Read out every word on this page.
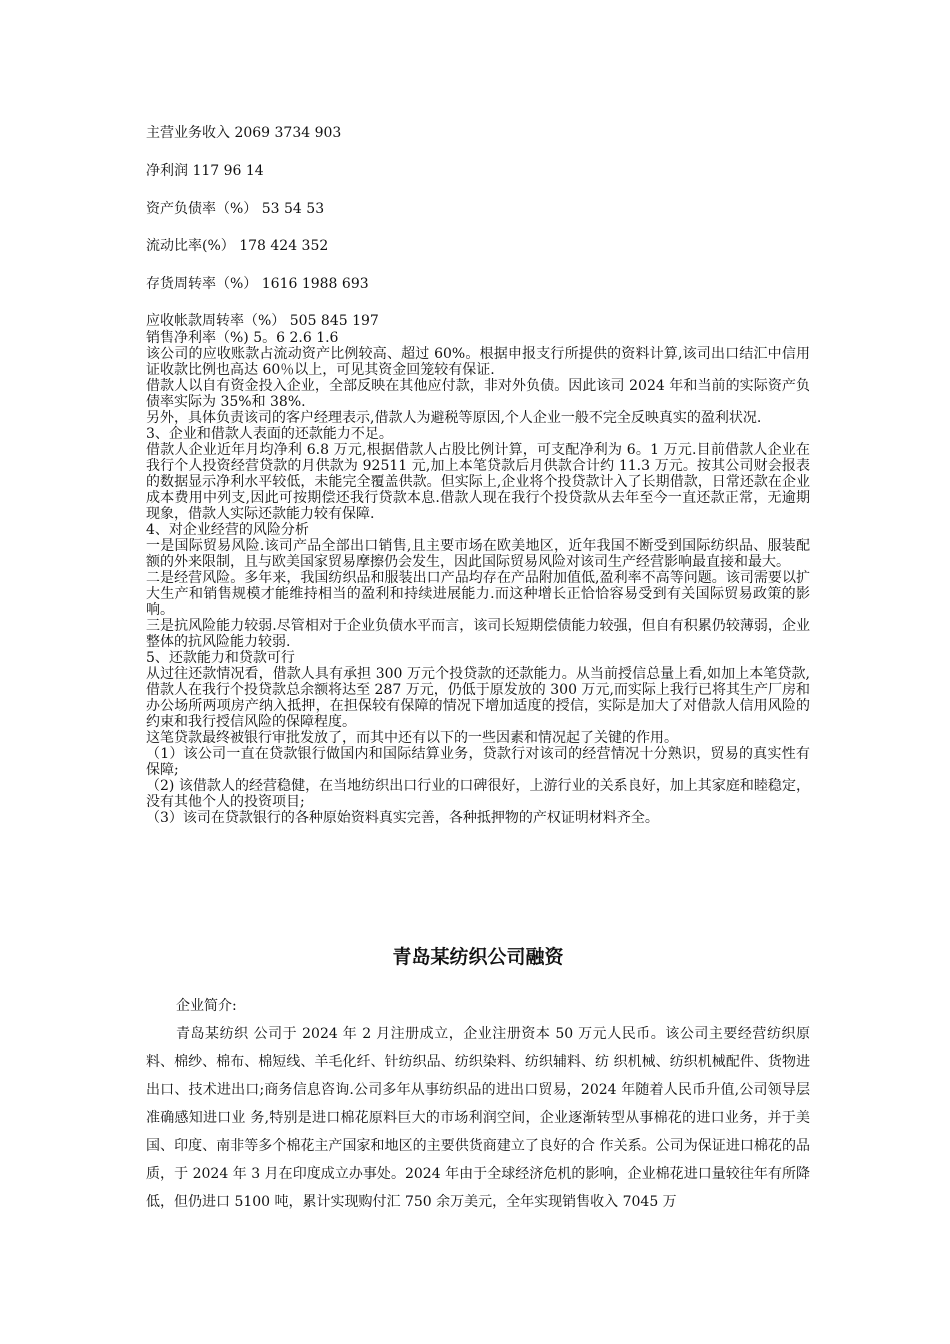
主营业务收入 2069 3734 903
净利润 117 96 14
资产负债率（%） 53 54 53
流动比率(%） 178 424 352
存货周转率（%） 1616 1988 693
应收帐款周转率（%） 505 845 197

销售净利率（%) 5。6 2.6 1.6

该公司的应收账款占流动资产比例较高、超过 60%。根据申报支行所提供的资料计算,该司出口结汇中信用证收款比例也高达 60％以上，可见其资金回笼较有保证.

借款人以自有资金投入企业，全部反映在其他应付款，非对外负债。因此该司 2024 年和当前的实际资产负债率实际为 35%和 38%.

另外，具体负责该司的客户经理表示,借款人为避税等原因,个人企业一般不完全反映真实的盈利状况.

3、企业和借款人表面的还款能力不足。

借款人企业近年月均净利 6.8 万元,根据借款人占股比例计算，可支配净利为 6。1 万元.目前借款人企业在我行个人投资经营贷款的月供款为 92511 元,加上本笔贷款后月供款合计约 11.3 万元。按其公司财会报表的数据显示净利水平较低，未能完全覆盖供款。但实际上,企业将个投贷款计入了长期借款，日常还款在企业成本费用中列支,因此可按期偿还我行贷款本息.借款人现在我行个投贷款从去年至今一直还款正常，无逾期现象，借款人实际还款能力较有保障.

4、对企业经营的风险分析

一是国际贸易风险.该司产品全部出口销售,且主要市场在欧美地区，近年我国不断受到国际纺织品、服装配额的外来限制，且与欧美国家贸易摩擦仍会发生，因此国际贸易风险对该司生产经营影响最直接和最大。

二是经营风险。多年来，我国纺织品和服装出口产品均存在产品附加值低,盈利率不高等问题。该司需要以扩大生产和销售规模才能维持相当的盈利和持续进展能力.而这种增长正恰恰容易受到有关国际贸易政策的影响。

三是抗风险能力较弱.尽管相对于企业负债水平而言，该司长短期偿债能力较强，但自有积累仍较薄弱，企业整体的抗风险能力较弱.

5、还款能力和贷款可行

从过往还款情况看，借款人具有承担 300 万元个投贷款的还款能力。从当前授信总量上看,如加上本笔贷款,借款人在我行个投贷款总余额将达至 287 万元，仍低于原发放的 300 万元,而实际上我行已将其生产厂房和办公场所两项房产纳入抵押，在担保较有保障的情况下增加适度的授信，实际是加大了对借款人信用风险的约束和我行授信风险的保障程度。

这笔贷款最终被银行审批发放了，而其中还有以下的一些因素和情况起了关键的作用。

（1）该公司一直在贷款银行做国内和国际结算业务，贷款行对该司的经营情况十分熟识，贸易的真实性有保障;

（2) 该借款人的经营稳健，在当地纺织出口行业的口碑很好，上游行业的关系良好，加上其家庭和睦稳定，没有其他个人的投资项目;

（3）该司在贷款银行的各种原始资料真实完善，各种抵押物的产权证明材料齐全。

青岛某纺织公司融资

企业简介:

青岛某纺织 公司于 2024 年 2 月注册成立，企业注册资本 50 万元人民币。该公司主要经营纺织原料、棉纱、棉布、棉短线、羊毛化纤、针纺织品、纺织染料、纺织辅料、纺 织机械、纺织机械配件、货物进出口、技术进出口;商务信息咨询.公司多年从事纺织品的进出口贸易，2024 年随着人民币升值,公司领导层准确感知进口业 务,特别是进口棉花原料巨大的市场利润空间，企业逐渐转型从事棉花的进口业务，并于美国、印度、南非等多个棉花主产国家和地区的主要供货商建立了良好的合 作关系。公司为保证进口棉花的品质，于 2024 年 3 月在印度成立办事处。2024 年由于全球经济危机的影响，企业棉花进口量较往年有所降低，但仍进口 5100 吨，累计实现购付汇 750 余万美元，全年实现销售收入 7045 万
